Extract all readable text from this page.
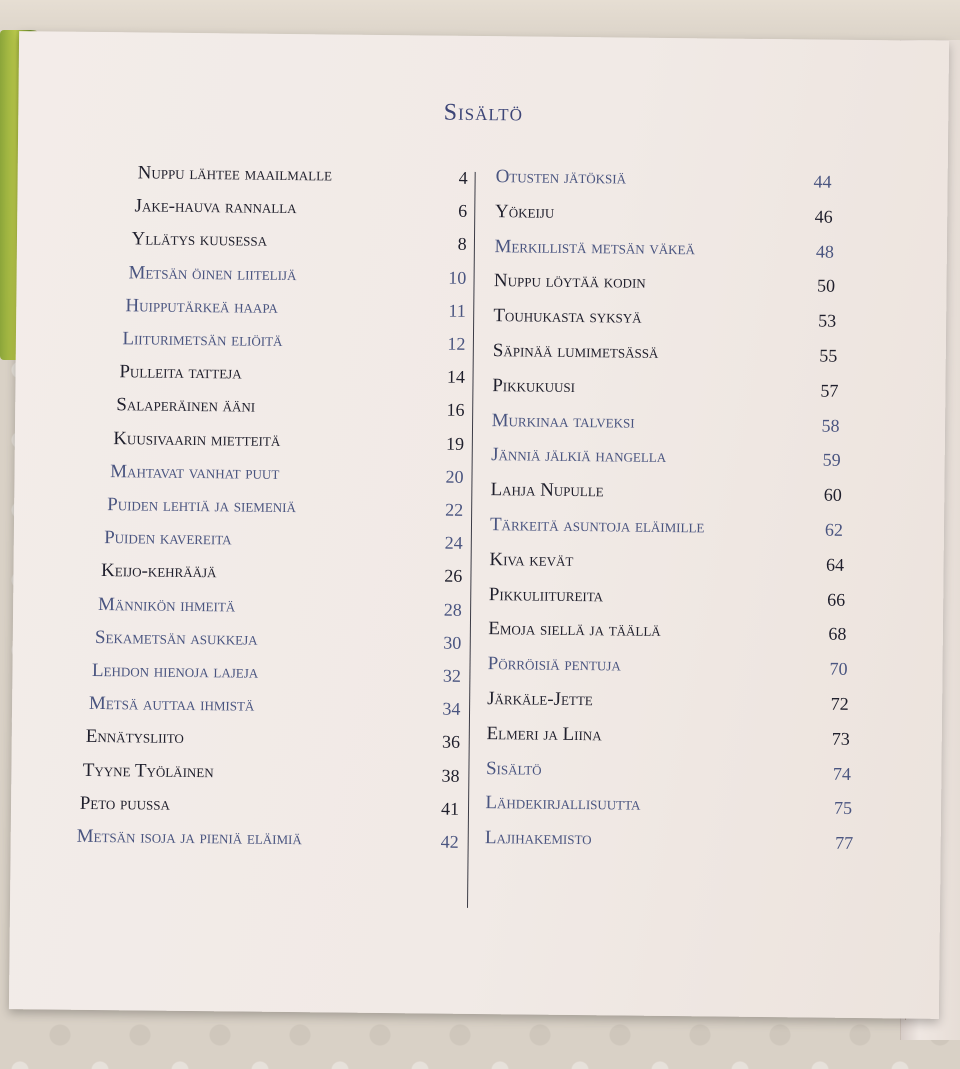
Sisältö
Nuppu lähtee maailmalle	4
Jake-hauva rannalla	6
Yllätys kuusessa	8
Metsän öinen liitelijä	10
Huipputärkeä haapa	11
Liiturimetsän eliöitä	12
Pulleita tatteja	14
Salaperäinen ääni	16
Kuusivaarin mietteitä	19
Mahtavat vanhat puut	20
Puiden lehtiä ja siemeniä	22
Puiden kavereita	24
Keijo-kehrääjä	26
Männikön ihmeitä	28
Sekametsän asukkeja	30
Lehdon hienoja lajeja	32
Metsä auttaa ihmistä	34
Ennätysliito	36
Tyyne Työläinen	38
Peto puussa	41
Metsän isoja ja pieniä eläimiä	42
Otusten jätöksiä	44
Yökeiju	46
Merkillistä metsän väkeä	48
Nuppu löytää kodin	50
Touhukasta syksyä	53
Säpinää lumimetsässä	55
Pikkukuusi	57
Murkinaa talveksi	58
Jänniä jälkiä hangella	59
Lahja Nupulle	60
Tärkeitä asuntoja eläimille	62
Kiva kevät	64
Pikkuliitureita	66
Emoja siellä ja täällä	68
Pörröisiä pentuja	70
Järkäle-Jette	72
Elmeri ja Liina	73
Sisältö	74
Lähdekirjallisuutta	75
Lajihakemisto	77
